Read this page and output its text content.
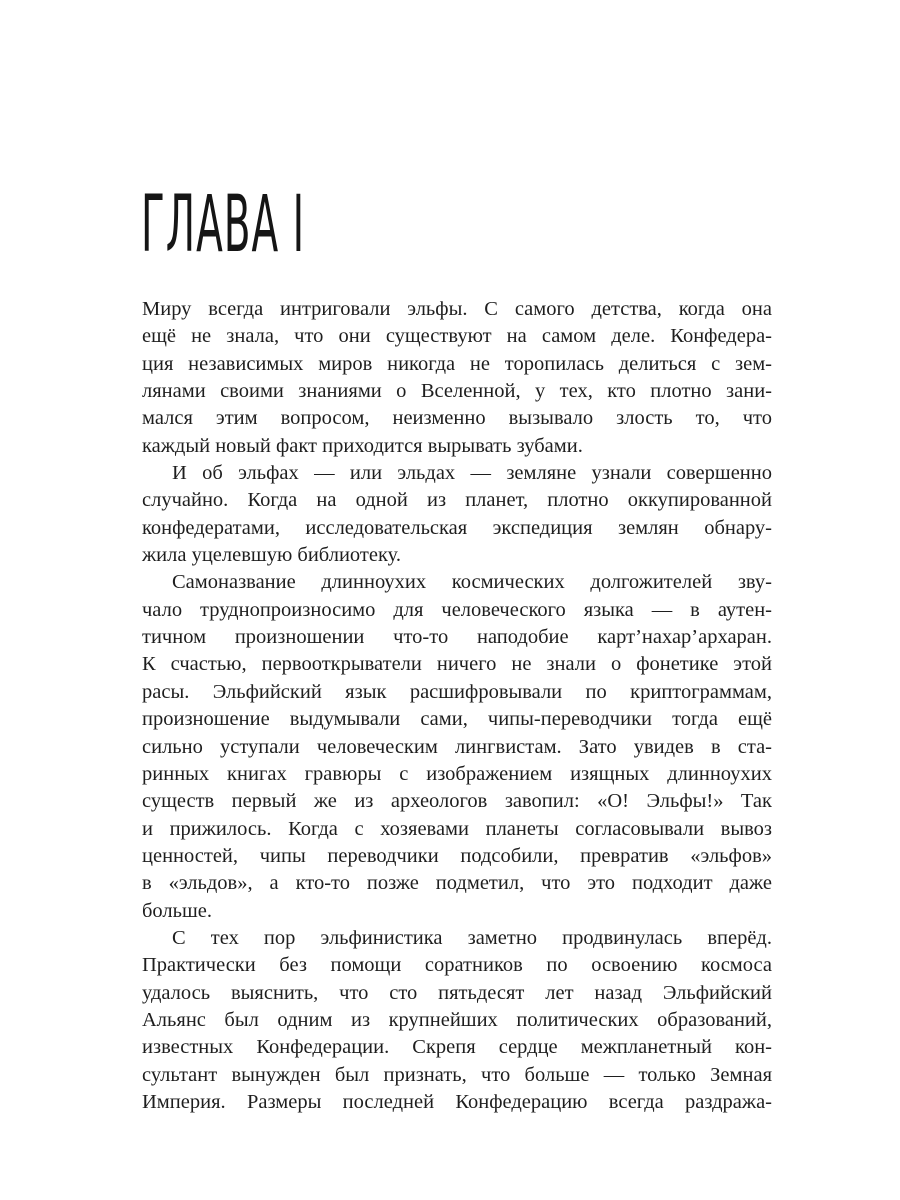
ГЛАВА I
Миру всегда интриговали эльфы. С самого детства, когда она
ещё не знала, что они существуют на самом деле. Конфедера-
ция независимых миров никогда не торопилась делиться с зем-
лянами своими знаниями о Вселенной, у тех, кто плотно зани-
мался этим вопросом, неизменно вызывало злость то, что
каждый новый факт приходится вырывать зубами.
И об эльфах — или эльдах — земляне узнали совершенно
случайно. Когда на одной из планет, плотно оккупированной
конфедератами, исследовательская экспедиция землян обнару-
жила уцелевшую библиотеку.
Самоназвание длинноухих космических долгожителей зву-
чало труднопроизносимо для человеческого языка — в аутен-
тичном произношении что-то наподобие карт’нахар’архаран.
К счастью, первооткрыватели ничего не знали о фонетике этой
расы. Эльфийский язык расшифровывали по криптограммам,
произношение выдумывали сами, чипы-переводчики тогда ещё
сильно уступали человеческим лингвистам. Зато увидев в ста-
ринных книгах гравюры с изображением изящных длинноухих
существ первый же из археологов завопил: «О! Эльфы!» Так
и прижилось. Когда с хозяевами планеты согласовывали вывоз
ценностей, чипы переводчики подсобили, превратив «эльфов»
в «эльдов», а кто-то позже подметил, что это подходит даже
больше.
С тех пор эльфинистика заметно продвинулась вперёд.
Практически без помощи соратников по освоению космоса
удалось выяснить, что сто пятьдесят лет назад Эльфийский
Альянс был одним из крупнейших политических образований,
известных Конфедерации. Скрепя сердце межпланетный кон-
сультант вынужден был признать, что больше — только Земная
Империя. Размеры последней Конфедерацию всегда раздража-
